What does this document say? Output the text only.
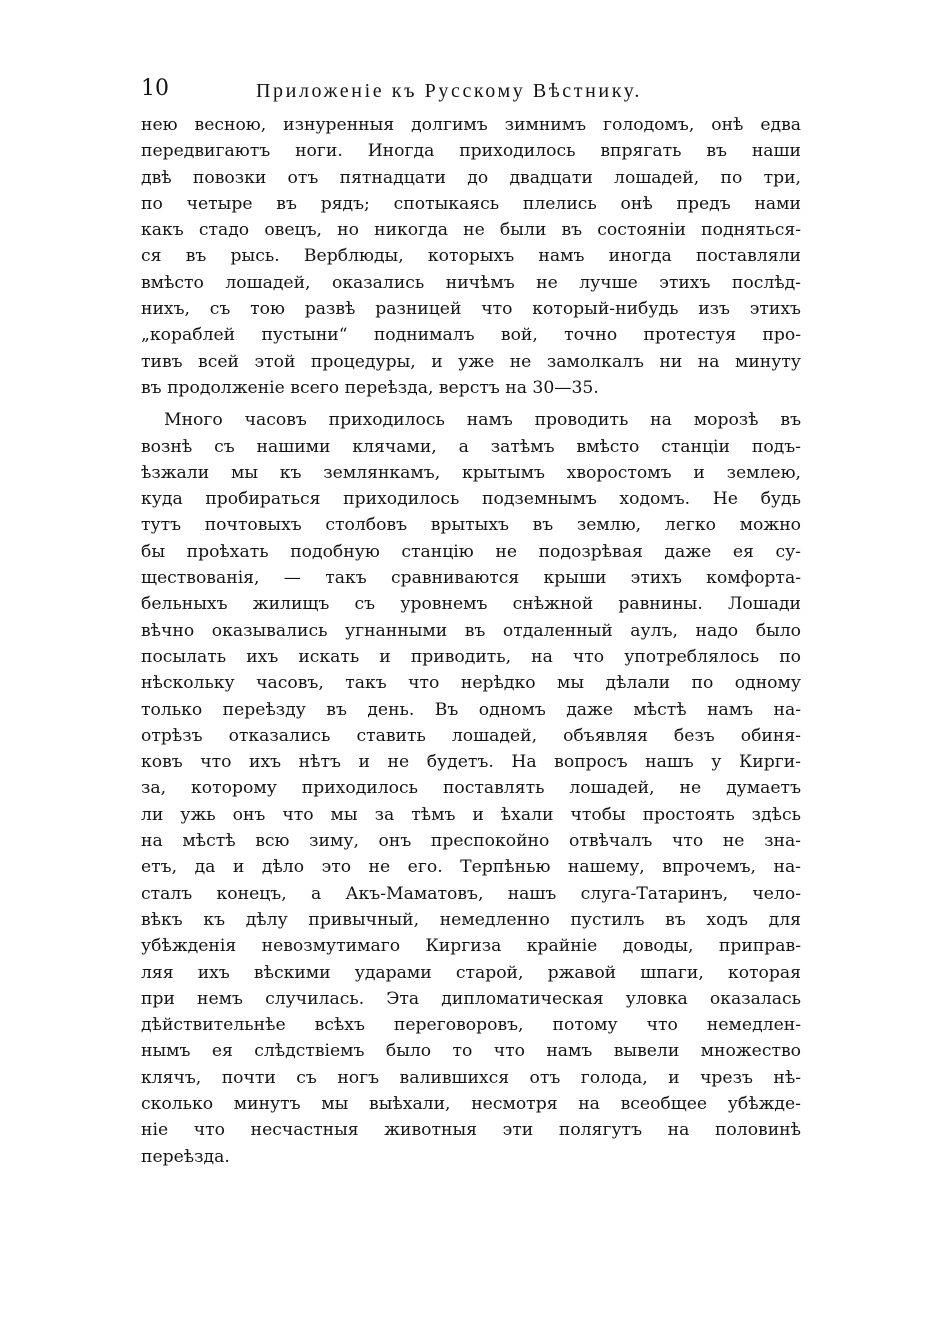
10	Приложеніе къ Русскому Вѣстнику.
нею весною, изнуренныя долгимъ зимнимъ голодомъ, онѣ едва
передвигаютъ ноги. Иногда приходилось впрягать въ наши
двѣ повозки отъ пятнадцати до двадцати лошадей, по три,
по четыре въ рядъ; спотыкаясь плелись онѣ предъ нами
какъ стадо овецъ, но никогда не были въ состояніи подняться-
ся въ рысь. Верблюды, которыхъ намъ иногда поставляли
вмѣсто лошадей, оказались ничѣмъ не лучше этихъ послѣд-
нихъ, съ тою развѣ разницей что который-нибудь изъ этихъ
„кораблей пустыни“ поднималъ вой, точно протестуя про-
тивъ всей этой процедуры, и уже не замолкалъ ни на минуту
въ продолженіе всего переѣзда, верстъ на 30—35.
Много часовъ приходилось намъ проводить на морозѣ въ
вознѣ съ нашими клячами, а затѣмъ вмѣсто станціи подъ-
ѣзжали мы къ землянкамъ, крытымъ хворостомъ и землею,
куда пробираться приходилось подземнымъ ходомъ. Не будь
тутъ почтовыхъ столбовъ врытыхъ въ землю, легко можно
бы проѣхать подобную станцію не подозрѣвая даже ея су-
ществованія, — такъ сравниваются крыши этихъ комфорта-
бельныхъ жилищъ съ уровнемъ снѣжной равнины. Лошади
вѣчно оказывались угнанными въ отдаленный аулъ, надо было
посылать ихъ искать и приводить, на что употреблялось по
нѣскольку часовъ, такъ что нерѣдко мы дѣлали по одному
только переѣзду въ день. Въ одномъ даже мѣстѣ намъ на-
отрѣзъ отказались ставить лошадей, объявляя безъ обиня-
ковъ что ихъ нѣтъ и не будетъ. На вопросъ нашъ у Кирги-
за, которому приходилось поставлять лошадей, не думаетъ
ли ужь онъ что мы за тѣмъ и ѣхали чтобы простоять здѣсь
на мѣстѣ всю зиму, онъ преспокойно отвѣчалъ что не зна-
етъ, да и дѣло это не его. Терпѣнью нашему, впрочемъ, на-
сталъ конецъ, а Акъ-Маматовъ, нашъ слуга-Татаринъ, чело-
вѣкъ къ дѣлу привычный, немедленно пустилъ въ ходъ для
убѣжденія невозмутимаго Киргиза крайніе доводы, приправ-
ляя ихъ вѣскими ударами старой, ржавой шпаги, которая
при немъ случилась. Эта дипломатическая уловка оказалась
дѣйствительнѣе всѣхъ переговоровъ, потому что немедлен-
нымъ ея слѣдствіемъ было то что намъ вывели множество
клячъ, почти съ ногъ валившихся отъ голода, и чрезъ нѣ-
сколько минутъ мы выѣхали, несмотря на всеобщее убѣжде-
ніе что несчастныя животныя эти полягутъ на половинѣ
переѣзда.
